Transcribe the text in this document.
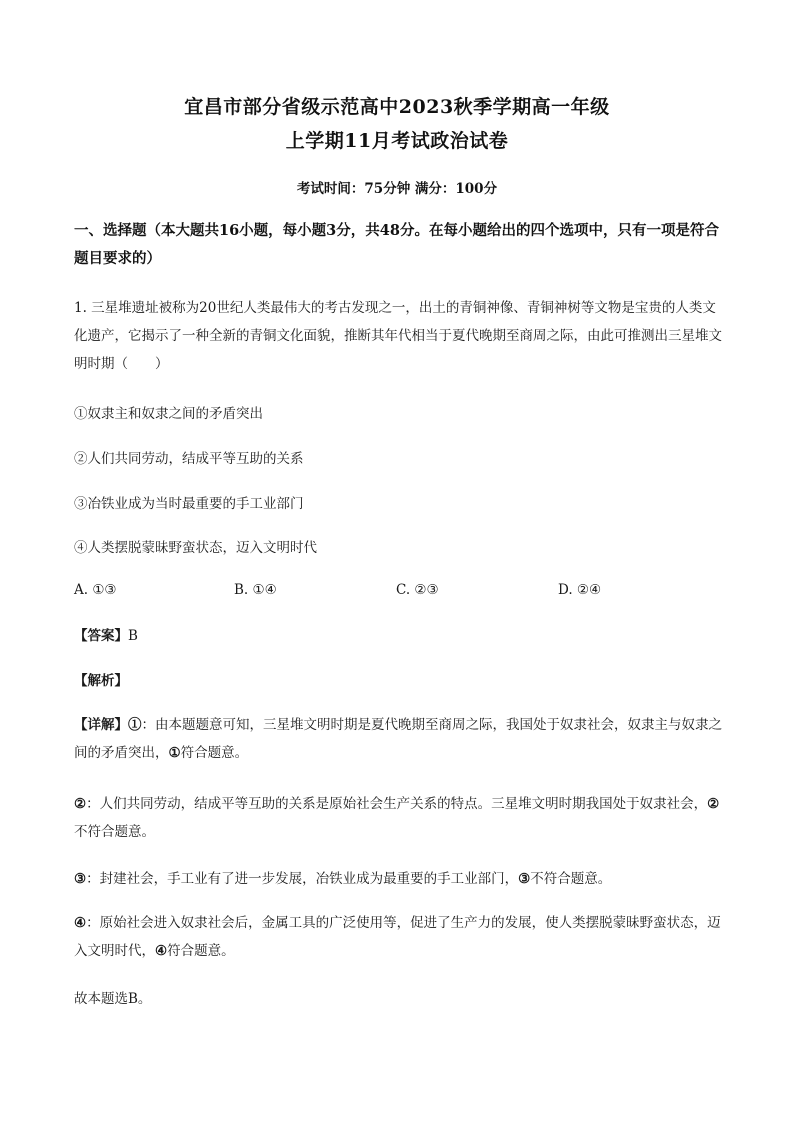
宜昌市部分省级示范高中2023秋季学期高一年级
上学期11月考试政治试卷
考试时间：75分钟 满分：100分
一、选择题（本大题共16小题，每小题3分，共48分。在每小题给出的四个选项中，只有一项是符合题目要求的）
1. 三星堆遗址被称为20世纪人类最伟大的考古发现之一，出土的青铜神像、青铜神树等文物是宝贵的人类文化遗产，它揭示了一种全新的青铜文化面貌，推断其年代相当于夏代晚期至商周之际，由此可推测出三星堆文明时期（　　）
①奴隶主和奴隶之间的矛盾突出
②人们共同劳动，结成平等互助的关系
③冶铁业成为当时最重要的手工业部门
④人类摆脱蒙昧野蛮状态，迈入文明时代
A. ①③	B. ①④	C. ②③	D. ②④
【答案】B
【解析】
【详解】①：由本题题意可知，三星堆文明时期是夏代晚期至商周之际，我国处于奴隶社会，奴隶主与奴隶之间的矛盾突出，①符合题意。
②：人们共同劳动，结成平等互助的关系是原始社会生产关系的特点。三星堆文明时期我国处于奴隶社会，②不符合题意。
③：封建社会，手工业有了进一步发展，冶铁业成为最重要的手工业部门，③不符合题意。
④：原始社会进入奴隶社会后，金属工具的广泛使用等，促进了生产力的发展，使人类摆脱蒙昧野蛮状态，迈入文明时代，④符合题意。
故本题选B。
